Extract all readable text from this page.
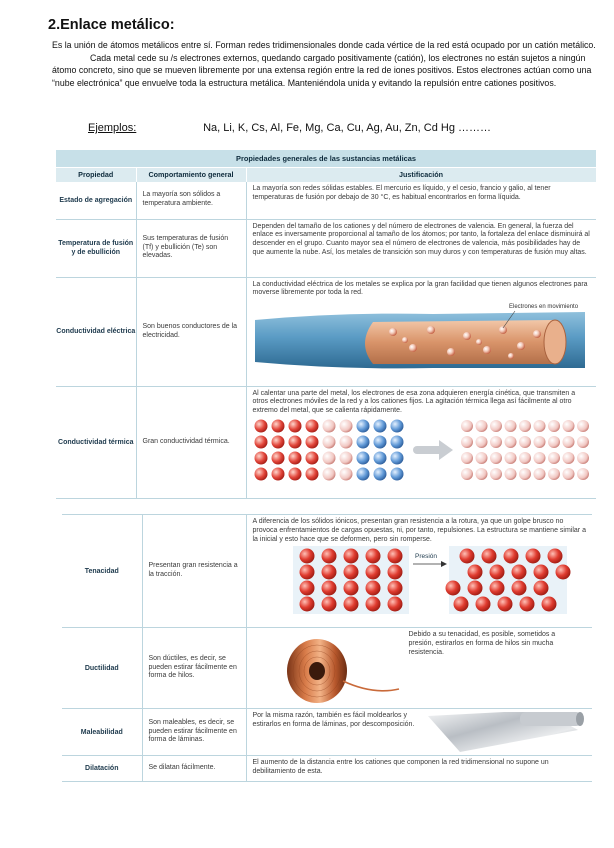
2.Enlace metálico:

Es la unión de átomos metálicos entre sí. Forman redes tridimensionales donde cada vértice de la red está ocupado por un catión metálico.

Cada metal cede su /s electrones externos, quedando cargado positivamente (catión), los electrones no están sujetos a ningún átomo concreto, sino que se mueven libremente por una extensa región entre la red de iones positivos. Estos electrones actúan como una “nube electrónica” que envuelve toda la estructura metálica. Manteniéndola unida y evitando la repulsión entre cationes positivos.

Ejemplos:	Na, Li, K, Cs, Al, Fe, Mg, Ca, Cu, Ag, Au, Zn, Cd Hg ………
Propiedades generales de las sustancias metálicas		
Propiedad	Comportamiento general	Justificación
Estado de agregación	La mayoría son sólidos a temperatura ambiente.	La mayoría son redes sólidas estables. El mercurio es líquido, y el cesio, francio y galio, al tener temperaturas de fusión por debajo de 30 °C, es habitual encontrarlos en forma líquida.
Temperatura de fusión y de ebullición	Sus temperaturas de fusión (Tf) y ebullición (Te) son elevadas.	Dependen del tamaño de los cationes y del número de electrones de valencia. En general, la fuerza del enlace es inversamente proporcional al tamaño de los átomos; por tanto, la fortaleza del enlace disminuirá al descender en el grupo. Cuanto mayor sea el número de electrones de valencia, más posibilidades hay de que aumente la nube. Así, los metales de transición son muy duros y con temperaturas de fusión muy altas.
Conductividad eléctrica	Son buenos conductores de la electricidad.	La conductividad eléctrica de los metales se explica por la gran facilidad que tienen algunos electrones para moverse libremente por toda la red.
Electrones en movimiento

Conductividad térmica	Gran conductividad térmica.	Al calentar una parte del metal, los electrones de esa zona adquieren energía cinética, que transmiten a otros electrones móviles de la red y a los cationes fijos. La agitación térmica llega así fácilmente al otro extremo del metal, que se calienta rápidamente.
Tenacidad	Presentan gran resistencia a la tracción.	A diferencia de los sólidos iónicos, presentan gran resistencia a la rotura, ya que un golpe brusco no provoca enfrentamientos de cargas opuestas, ni, por tanto, repulsiones. La estructura se mantiene similar a la inicial y esto hace que se deformen, pero sin romperse.
Presión

Ductilidad	Son dúctiles, es decir, se pueden estirar fácilmente en forma de hilos.	Debido a su tenacidad, es posible, sometidos a presión, estirarlos en forma de hilos sin mucha resistencia.

Maleabilidad	Son maleables, es decir, se pueden estirar fácilmente en forma de láminas.	Por la misma razón, también es fácil moldearlos y estirarlos en forma de láminas, por descomposición.

Dilatación	Se dilatan fácilmente.	El aumento de la distancia entre los cationes que componen la red tridimensional no supone un debilitamiento de esta.
